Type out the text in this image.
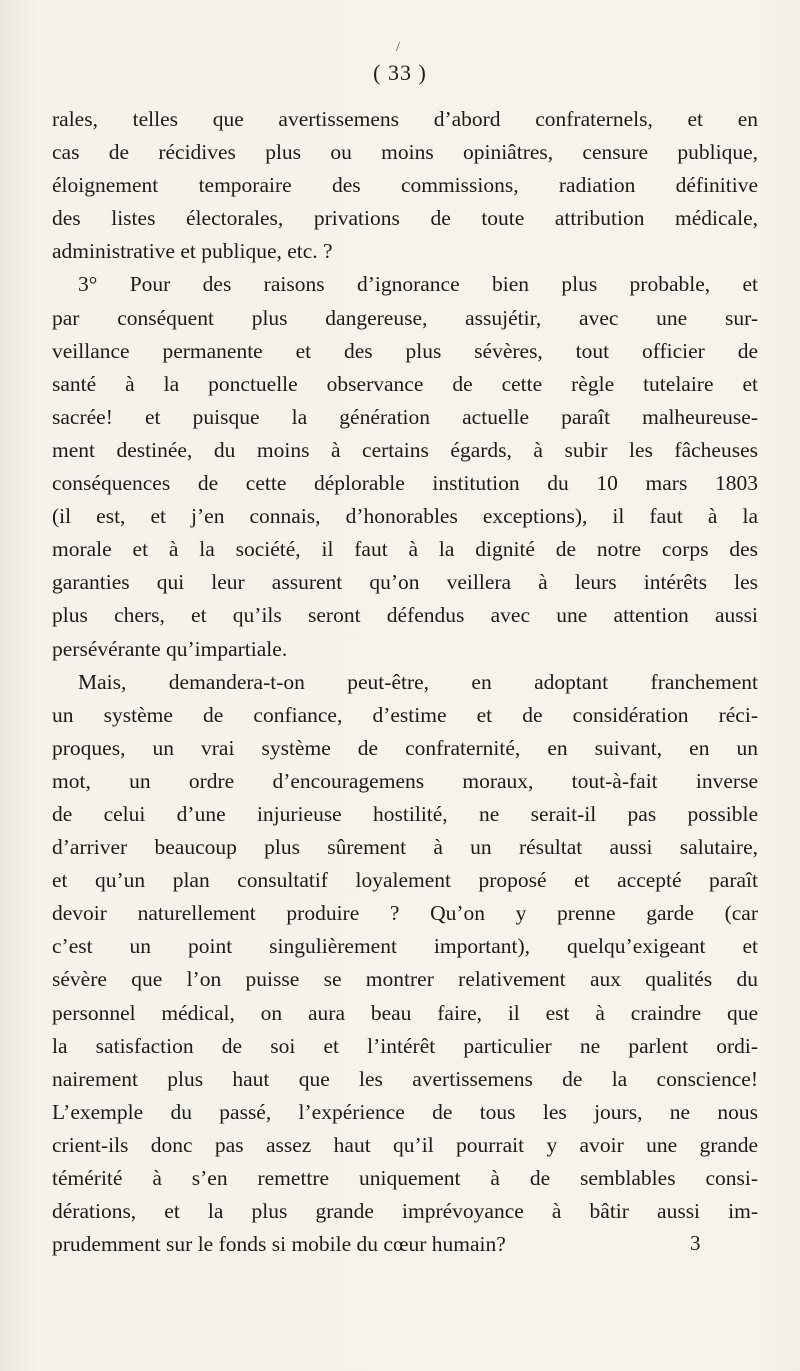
/
( 33 )
rales, telles que avertissemens d’abord confraternels, et en
cas de récidives plus ou moins opiniâtres, censure publique,
éloignement temporaire des commissions, radiation définitive
des listes électorales, privations de toute attribution médicale,
administrative et publique, etc. ?
3° Pour des raisons d’ignorance bien plus probable, et
par conséquent plus dangereuse, assujétir, avec une sur-
veillance permanente et des plus sévères, tout officier de
santé à la ponctuelle observance de cette règle tutelaire et
sacrée! et puisque la génération actuelle paraît malheureuse-
ment destinée, du moins à certains égards, à subir les fâcheuses
conséquences de cette déplorable institution du 10 mars 1803
(il est, et j’en connais, d’honorables exceptions), il faut à la
morale et à la société, il faut à la dignité de notre corps des
garanties qui leur assurent qu’on veillera à leurs intérêts les
plus chers, et qu’ils seront défendus avec une attention aussi
persévérante qu’impartiale.
Mais, demandera-t-on peut-être, en adoptant franchement
un système de confiance, d’estime et de considération réci-
proques, un vrai système de confraternité, en suivant, en un
mot, un ordre d’encouragemens moraux, tout-à-fait inverse
de celui d’une injurieuse hostilité, ne serait-il pas possible
d’arriver beaucoup plus sûrement à un résultat aussi salutaire,
et qu’un plan consultatif loyalement proposé et accepté paraît
devoir naturellement produire ? Qu’on y prenne garde (car
c’est un point singulièrement important), quelqu’exigeant et
sévère que l’on puisse se montrer relativement aux qualités du
personnel médical, on aura beau faire, il est à craindre que
la satisfaction de soi et l’intérêt particulier ne parlent ordi-
nairement plus haut que les avertissemens de la conscience!
L’exemple du passé, l’expérience de tous les jours, ne nous
crient-ils donc pas assez haut qu’il pourrait y avoir une grande
témérité à s’en remettre uniquement à de semblables consi-
dérations, et la plus grande imprévoyance à bâtir aussi im-
prudemment sur le fonds si mobile du cœur humain?	3
